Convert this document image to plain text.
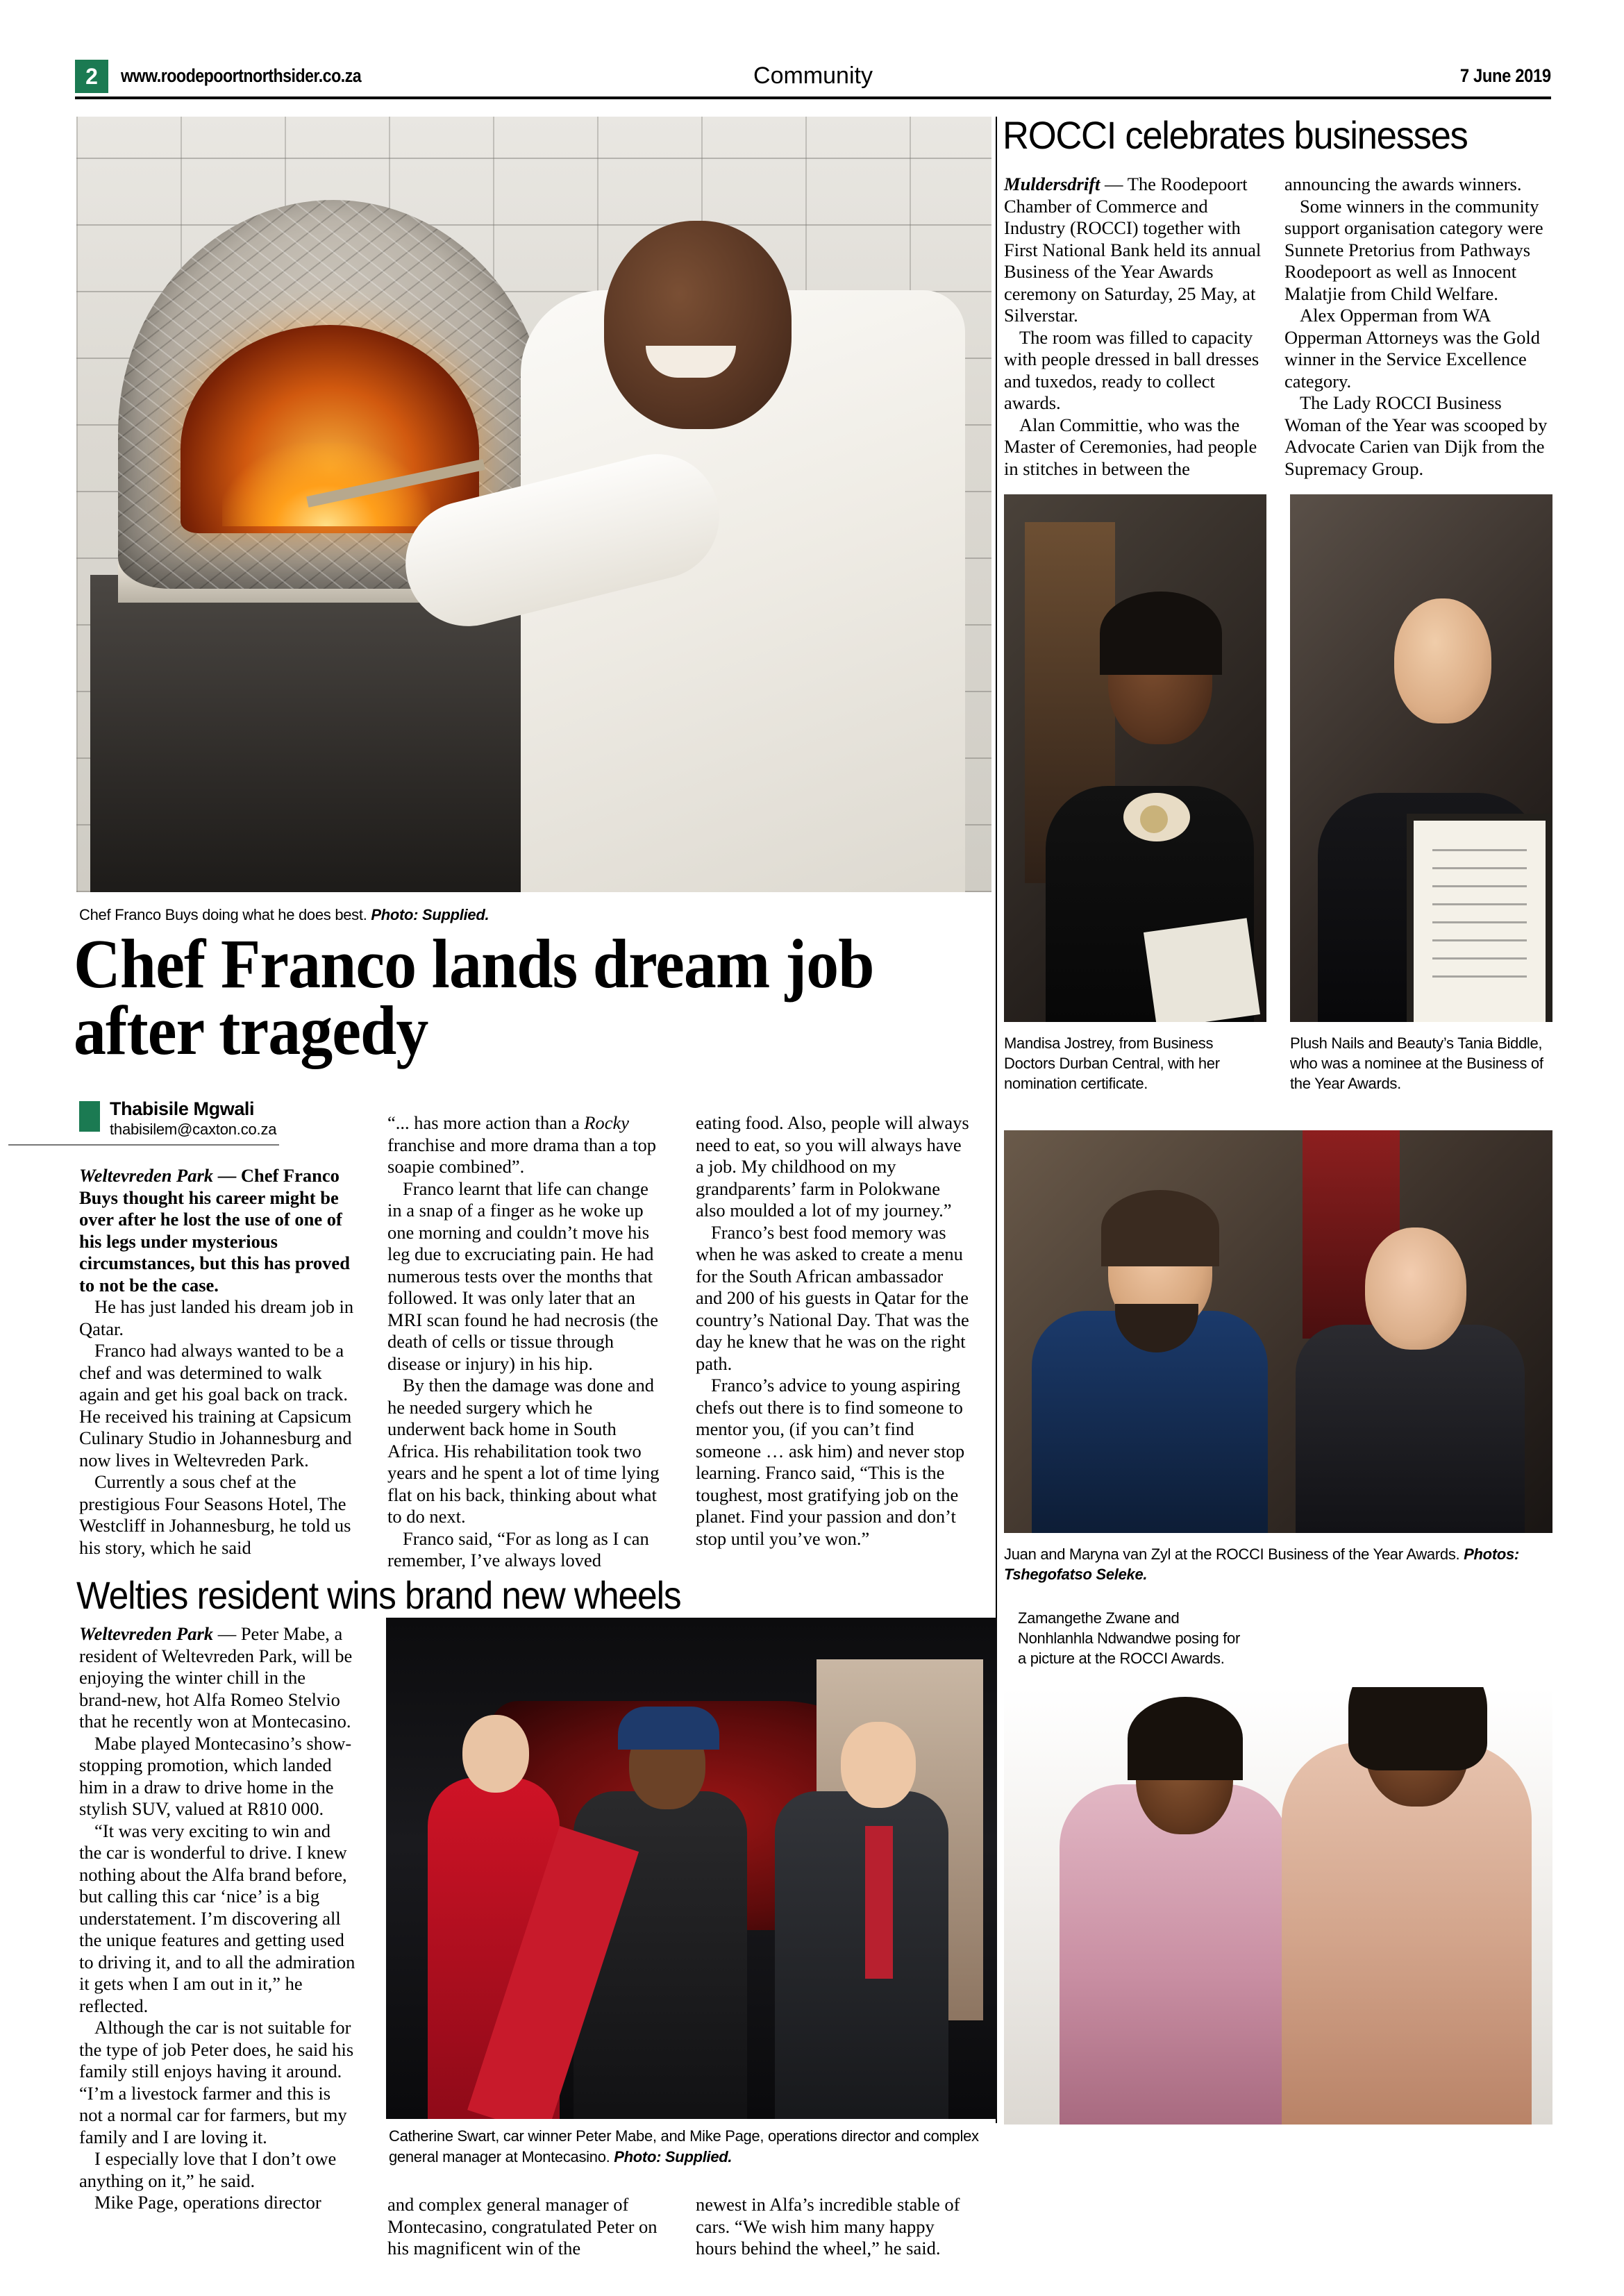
2	www.roodepoortnorthsider.co.za	Community	7 June 2019
Chef Franco Buys doing what he does best. Photo: Supplied.
Chef Franco lands dream job after tragedy
Thabisile Mgwali
thabisilem@caxton.co.za

Weltevreden Park — Chef Franco Buys thought his career might be over after he lost the use of one of his legs under mysterious circumstances, but this has proved to not be the case.

He has just landed his dream job in Qatar.

Franco had always wanted to be a chef and was determined to walk again and get his goal back on track. He received his training at Capsicum Culinary Studio in Johannesburg and now lives in Weltevreden Park.

Currently a sous chef at the prestigious Four Seasons Hotel, The Westcliff in Johannesburg, he told us his story, which he said

“... has more action than a Rocky franchise and more drama than a top soapie combined”.

Franco learnt that life can change in a snap of a finger as he woke up one morning and couldn’t move his leg due to excruciating pain. He had numerous tests over the months that followed. It was only later that an MRI scan found he had necrosis (the death of cells or tissue through disease or injury) in his hip.

By then the damage was done and he needed surgery which he underwent back home in South Africa. His rehabilitation took two years and he spent a lot of time lying flat on his back, thinking about what to do next.

Franco said, “For as long as I can remember, I’ve always loved

eating food. Also, people will always need to eat, so you will always have a job. My childhood on my grandparents’ farm in Polokwane also moulded a lot of my journey.”

Franco’s best food memory was when he was asked to create a menu for the South African ambassador and 200 of his guests in Qatar for the country’s National Day. That was the day he knew that he was on the right path.

Franco’s advice to young aspiring chefs out there is to find someone to mentor you, (if you can’t find someone … ask him) and never stop learning. Franco said, “This is the toughest, most gratifying job on the planet. Find your passion and don’t stop until you’ve won.”

Welties resident wins brand new wheels

Weltevreden Park — Peter Mabe, a resident of Weltevreden Park, will be enjoying the winter chill in the brand-new, hot Alfa Romeo Stelvio that he recently won at Montecasino.

Mabe played Montecasino’s show-stopping promotion, which landed him in a draw to drive home in the stylish SUV, valued at R810 000.

“It was very exciting to win and the car is wonderful to drive. I knew nothing about the Alfa brand before, but calling this car ‘nice’ is a big understatement. I’m discovering all the unique features and getting used to driving it, and to all the admiration it gets when I am out in it,” he reflected.

Although the car is not suitable for the type of job Peter does, he said his family still enjoys having it around. “I’m a livestock farmer and this is not a normal car for farmers, but my family and I are loving it.

I especially love that I don’t owe anything on it,” he said.

Mike Page, operations director

Catherine Swart, car winner Peter Mabe, and Mike Page, operations director and complex general manager at Montecasino. Photo: Supplied.

and complex general manager of Montecasino, congratulated Peter on his magnificent win of the

newest in Alfa’s incredible stable of cars. “We wish him many happy hours behind the wheel,” he said.

ROCCI celebrates businesses

Muldersdrift — The Roodepoort Chamber of Commerce and Industry (ROCCI) together with First National Bank held its annual Business of the Year Awards ceremony on Saturday, 25 May, at Silverstar.

The room was filled to capacity with people dressed in ball dresses and tuxedos, ready to collect awards.

Alan Committie, who was the Master of Ceremonies, had people in stitches in between the

announcing the awards winners.

Some winners in the community support organisation category were Sunnete Pretorius from Pathways Roodepoort as well as Innocent Malatjie from Child Welfare.

Alex Opperman from WA Opperman Attorneys was the Gold winner in the Service Excellence category.

The Lady ROCCI Business Woman of the Year was scooped by Advocate Carien van Dijk from the Supremacy Group.

Mandisa Jostrey, from Business Doctors Durban Central, with her nomination certificate.
Plush Nails and Beauty’s Tania Biddle, who was a nominee at the Business of the Year Awards.
Juan and Maryna van Zyl at the ROCCI Business of the Year Awards. Photos: Tshegofatso Seleke.
Zamangethe Zwane and Nonhlanhla Ndwandwe posing for a picture at the ROCCI Awards.
